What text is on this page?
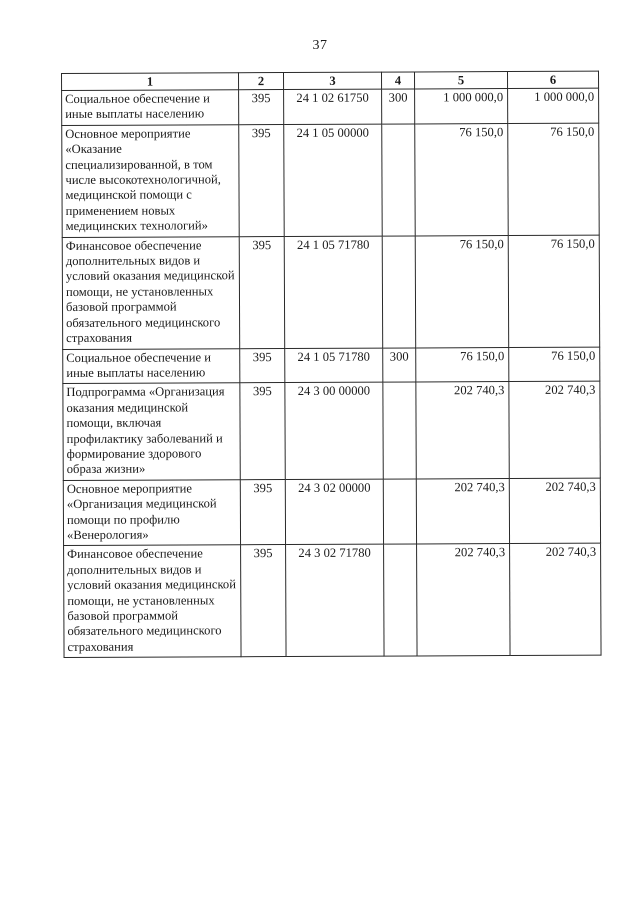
37
1	2	3	4	5	6
Социальное обеспечение и иные выплаты населению	395	24 1 02 61750	300	1 000 000,0	1 000 000,0
Основное мероприятие «Оказание специализированной, в том числе высокотехнологичной, медицинской помощи с применением новых медицинских технологий»	395	24 1 05 00000		76 150,0	76 150,0
Финансовое обеспечение дополнительных видов и условий оказания медицинской помощи, не установленных базовой программой обязательного медицинского страхования	395	24 1 05 71780		76 150,0	76 150,0
Социальное обеспечение и иные выплаты населению	395	24 1 05 71780	300	76 150,0	76 150,0
Подпрограмма «Организация оказания медицинской помощи, включая профилактику заболеваний и формирование здорового образа жизни»	395	24 3 00 00000		202 740,3	202 740,3
Основное мероприятие «Организация медицинской помощи по профилю «Венерология»	395	24 3 02 00000		202 740,3	202 740,3
Финансовое обеспечение дополнительных видов и условий оказания медицинской помощи, не установленных базовой программой обязательного медицинского страхования	395	24 3 02 71780		202 740,3	202 740,3
